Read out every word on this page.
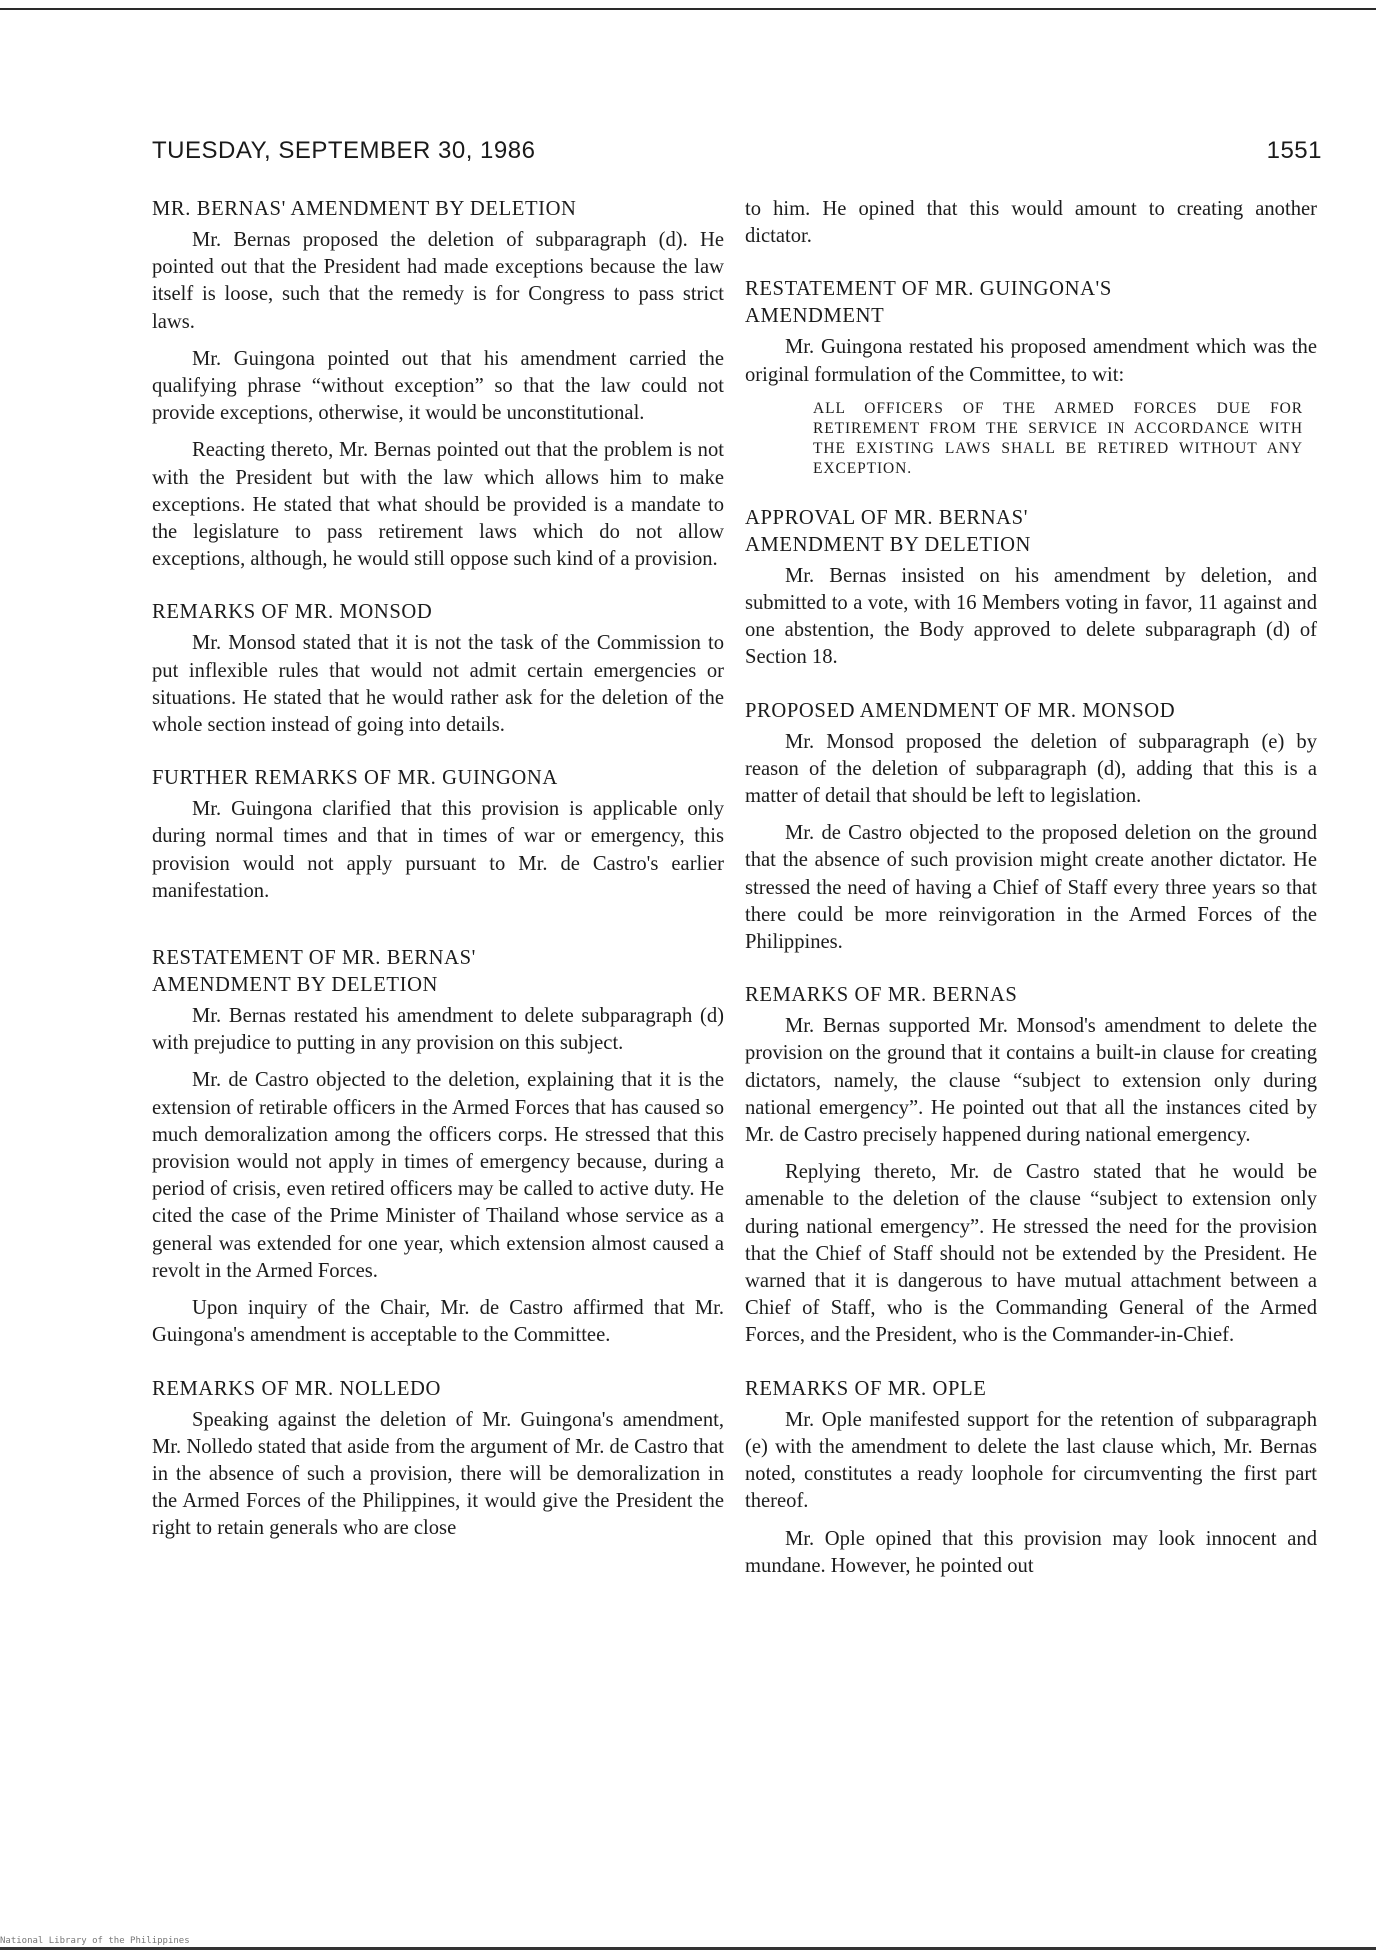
TUESDAY, SEPTEMBER 30, 1986	1551
MR. BERNAS' AMENDMENT BY DELETION

Mr. Bernas proposed the deletion of subparagraph (d). He pointed out that the President had made exceptions because the law itself is loose, such that the remedy is for Congress to pass strict laws.

Mr. Guingona pointed out that his amendment carried the qualifying phrase “without exception” so that the law could not provide exceptions, otherwise, it would be unconstitutional.

Reacting thereto, Mr. Bernas pointed out that the problem is not with the President but with the law which allows him to make exceptions. He stated that what should be provided is a mandate to the legislature to pass retirement laws which do not allow exceptions, although, he would still oppose such kind of a provision.

REMARKS OF MR. MONSOD

Mr. Monsod stated that it is not the task of the Commission to put inflexible rules that would not admit certain emergencies or situations. He stated that he would rather ask for the deletion of the whole section instead of going into details.

FURTHER REMARKS OF MR. GUINGONA

Mr. Guingona clarified that this provision is applicable only during normal times and that in times of war or emergency, this provision would not apply pursuant to Mr. de Castro's earlier manifestation.

RESTATEMENT OF MR. BERNAS'
AMENDMENT BY DELETION

Mr. Bernas restated his amendment to delete subparagraph (d) with prejudice to putting in any provision on this subject.

Mr. de Castro objected to the deletion, explaining that it is the extension of retirable officers in the Armed Forces that has caused so much demoralization among the officers corps. He stressed that this provision would not apply in times of emergency because, during a period of crisis, even retired officers may be called to active duty. He cited the case of the Prime Minister of Thailand whose service as a general was extended for one year, which extension almost caused a revolt in the Armed Forces.

Upon inquiry of the Chair, Mr. de Castro affirmed that Mr. Guingona's amendment is acceptable to the Committee.

REMARKS OF MR. NOLLEDO

Speaking against the deletion of Mr. Guingona's amendment, Mr. Nolledo stated that aside from the argument of Mr. de Castro that in the absence of such a provision, there will be demoralization in the Armed Forces of the Philippines, it would give the President the right to retain generals who are close

to him. He opined that this would amount to creating another dictator.

RESTATEMENT OF MR. GUINGONA'S
AMENDMENT

Mr. Guingona restated his proposed amendment which was the original formulation of the Committee, to wit:

ALL OFFICERS OF THE ARMED FORCES DUE FOR RETIREMENT FROM THE SERVICE IN ACCORDANCE WITH THE EXISTING LAWS SHALL BE RETIRED WITHOUT ANY EXCEPTION.
APPROVAL OF MR. BERNAS'
AMENDMENT BY DELETION

Mr. Bernas insisted on his amendment by deletion, and submitted to a vote, with 16 Members voting in favor, 11 against and one abstention, the Body approved to delete subparagraph (d) of Section 18.

PROPOSED AMENDMENT OF MR. MONSOD

Mr. Monsod proposed the deletion of subparagraph (e) by reason of the deletion of subparagraph (d), adding that this is a matter of detail that should be left to legislation.

Mr. de Castro objected to the proposed deletion on the ground that the absence of such provision might create another dictator. He stressed the need of having a Chief of Staff every three years so that there could be more reinvigoration in the Armed Forces of the Philippines.

REMARKS OF MR. BERNAS

Mr. Bernas supported Mr. Monsod's amendment to delete the provision on the ground that it contains a built-in clause for creating dictators, namely, the clause “subject to extension only during national emergency”. He pointed out that all the instances cited by Mr. de Castro precisely happened during national emergency.

Replying thereto, Mr. de Castro stated that he would be amenable to the deletion of the clause “subject to extension only during national emergency”. He stressed the need for the provision that the Chief of Staff should not be extended by the President. He warned that it is dangerous to have mutual attachment between a Chief of Staff, who is the Commanding General of the Armed Forces, and the President, who is the Commander-in-Chief.

REMARKS OF MR. OPLE

Mr. Ople manifested support for the retention of subparagraph (e) with the amendment to delete the last clause which, Mr. Bernas noted, constitutes a ready loophole for circumventing the first part thereof.

Mr. Ople opined that this provision may look innocent and mundane. However, he pointed out

National Library of the Philippines
